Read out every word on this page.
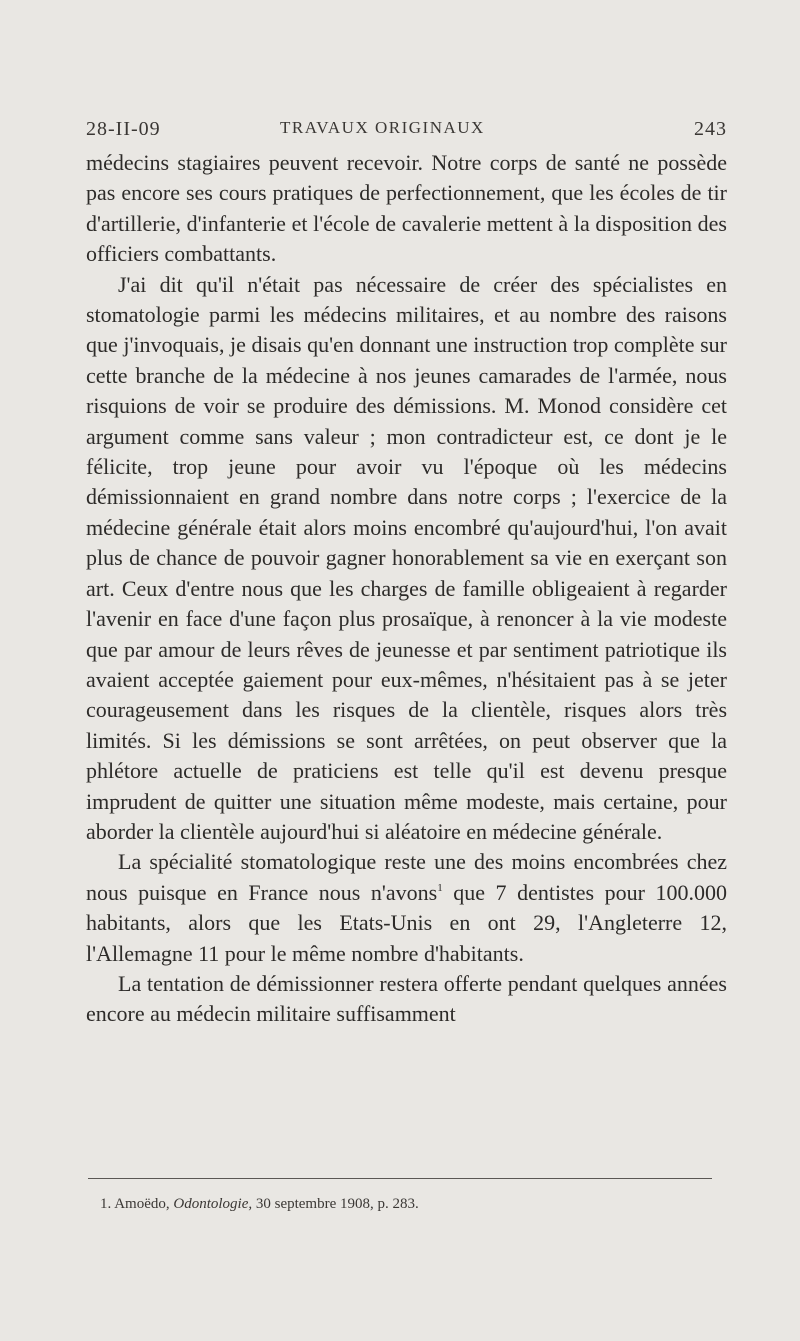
28-II-09	TRAVAUX ORIGINAUX	243

médecins stagiaires peuvent recevoir. Notre corps de santé ne possède pas encore ses cours pratiques de perfectionnement, que les écoles de tir d'artillerie, d'infanterie et l'école de cavalerie mettent à la disposition des officiers combattants.

J'ai dit qu'il n'était pas nécessaire de créer des spécialistes en stomatologie parmi les médecins militaires, et au nombre des raisons que j'invoquais, je disais qu'en donnant une instruction trop complète sur cette branche de la médecine à nos jeunes camarades de l'armée, nous risquions de voir se produire des démissions. M. Monod considère cet argument comme sans valeur ; mon contradicteur est, ce dont je le félicite, trop jeune pour avoir vu l'époque où les médecins démissionnaient en grand nombre dans notre corps ; l'exercice de la médecine générale était alors moins encombré qu'aujourd'hui, l'on avait plus de chance de pouvoir gagner honorablement sa vie en exerçant son art. Ceux d'entre nous que les charges de famille obligeaient à regarder l'avenir en face d'une façon plus prosaïque, à renoncer à la vie modeste que par amour de leurs rêves de jeunesse et par sentiment patriotique ils avaient acceptée gaiement pour eux-mêmes, n'hésitaient pas à se jeter courageusement dans les risques de la clientèle, risques alors très limités. Si les démissions se sont arrêtées, on peut observer que la phlétore actuelle de praticiens est telle qu'il est devenu presque imprudent de quitter une situation même modeste, mais certaine, pour aborder la clientèle aujourd'hui si aléatoire en médecine générale.

La spécialité stomatologique reste une des moins encombrées chez nous puisque en France nous n'avons$^1$ que 7 dentistes pour 100.000 habitants, alors que les Etats-Unis en ont 29, l'Angleterre 12, l'Allemagne 11 pour le même nombre d'habitants.

La tentation de démissionner restera offerte pendant quelques années encore au médecin militaire suffisamment

1. Amoëdo, Odontologie, 30 septembre 1908, p. 283.
